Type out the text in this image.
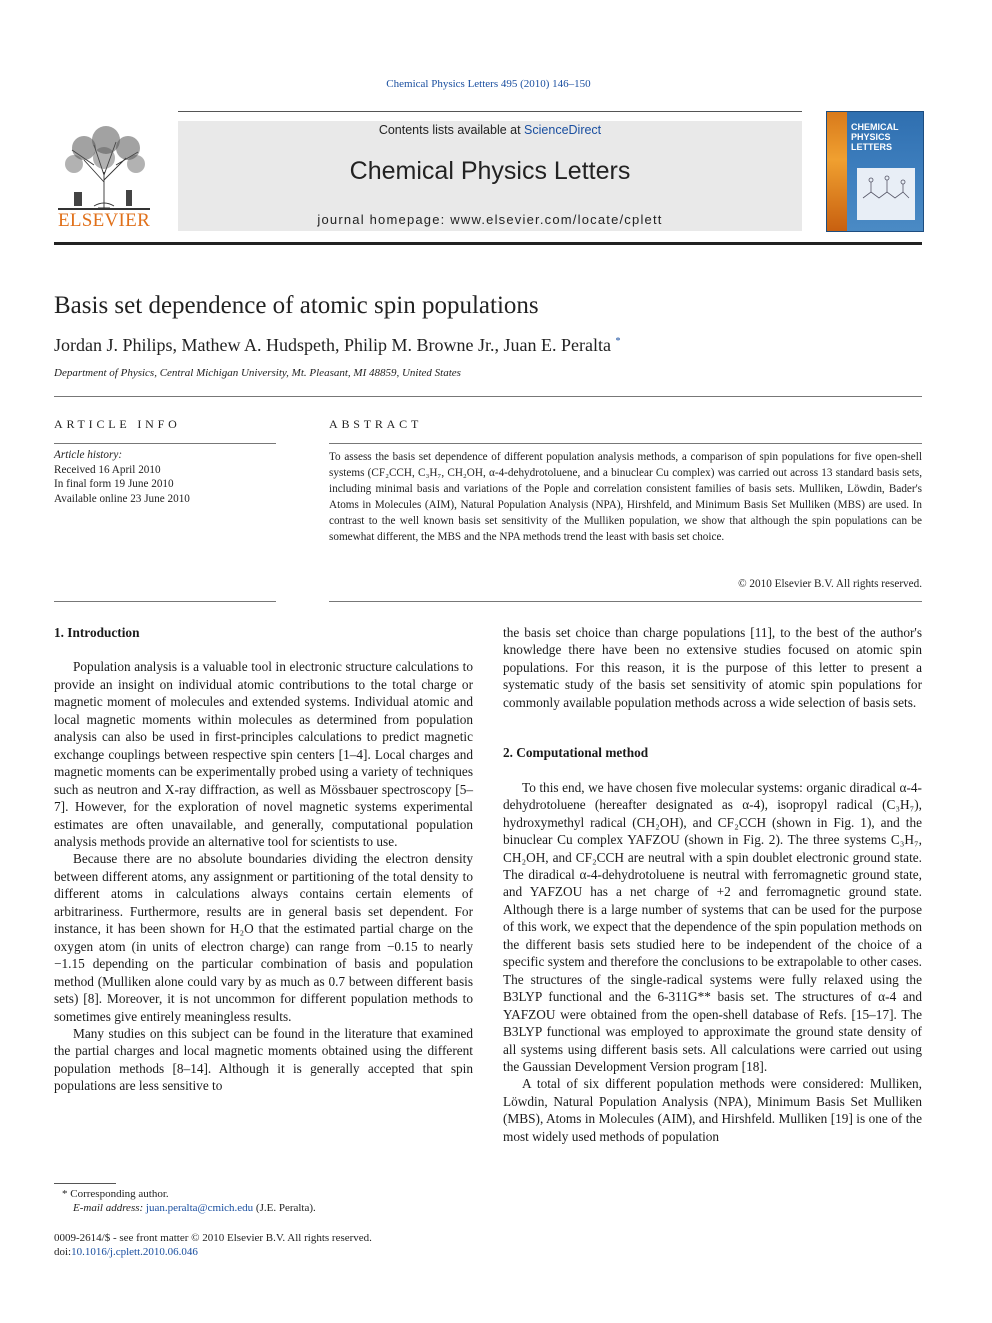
Chemical Physics Letters 495 (2010) 146–150
ELSEVIER
Contents lists available at ScienceDirect
Chemical Physics Letters
journal homepage: www.elsevier.com/locate/cplett
CHEMICAL
PHYSICS
LETTERS
Basis set dependence of atomic spin populations
Jordan J. Philips, Mathew A. Hudspeth, Philip M. Browne Jr., Juan E. Peralta *
Department of Physics, Central Michigan University, Mt. Pleasant, MI 48859, United States
ARTICLE INFO
Article history:
Received 16 April 2010
In final form 19 June 2010
Available online 23 June 2010
ABSTRACT
To assess the basis set dependence of different population analysis methods, a comparison of spin populations for five open-shell systems (CF₂CCH, C₃H₇, CH₂OH, α-4-dehydrotoluene, and a binuclear Cu complex) was carried out across 13 standard basis sets, including minimal basis and variations of the Pople and correlation consistent families of basis sets. Mulliken, Löwdin, Bader's Atoms in Molecules (AIM), Natural Population Analysis (NPA), Hirshfeld, and Minimum Basis Set Mulliken (MBS) are used. In contrast to the well known basis set sensitivity of the Mulliken population, we show that although the spin populations can be somewhat different, the MBS and the NPA methods trend the least with basis set choice.
© 2010 Elsevier B.V. All rights reserved.
1. Introduction

Population analysis is a valuable tool in electronic structure calculations to provide an insight on individual atomic contributions to the total charge or magnetic moment of molecules and extended systems. Individual atomic and local magnetic moments within molecules as determined from population analysis can also be used in first-principles calculations to predict magnetic exchange couplings between respective spin centers [1–4]. Local charges and magnetic moments can be experimentally probed using a variety of techniques such as neutron and X-ray diffraction, as well as Mössbauer spectroscopy [5–7]. However, for the exploration of novel magnetic systems experimental estimates are often unavailable, and generally, computational population analysis methods provide an alternative tool for scientists to use.

Because there are no absolute boundaries dividing the electron density between different atoms, any assignment or partitioning of the total density to different atoms in calculations always contains certain elements of arbitrariness. Furthermore, results are in general basis set dependent. For instance, it has been shown for H₂O that the estimated partial charge on the oxygen atom (in units of electron charge) can range from −0.15 to nearly −1.15 depending on the particular combination of basis and population method (Mulliken alone could vary by as much as 0.7 between different basis sets) [8]. Moreover, it is not uncommon for different population methods to sometimes give entirely meaningless results.

Many studies on this subject can be found in the literature that examined the partial charges and local magnetic moments obtained using the different population methods [8–14]. Although it is generally accepted that spin populations are less sensitive to

the basis set choice than charge populations [11], to the best of the author's knowledge there have been no extensive studies focused on atomic spin populations. For this reason, it is the purpose of this letter to present a systematic study of the basis set sensitivity of atomic spin populations for commonly available population methods across a wide selection of basis sets.

2. Computational method

To this end, we have chosen five molecular systems: organic diradical α-4-dehydrotoluene (hereafter designated as α-4), isopropyl radical (C₃H₇), hydroxymethyl radical (CH₂OH), and CF₂CCH (shown in Fig. 1), and the binuclear Cu complex YAFZOU (shown in Fig. 2). The three systems C₃H₇, CH₂OH, and CF₂CCH are neutral with a spin doublet electronic ground state. The diradical α-4-dehydrotoluene is neutral with ferromagnetic ground state, and YAFZOU has a net charge of +2 and ferromagnetic ground state. Although there is a large number of systems that can be used for the purpose of this work, we expect that the dependence of the spin population methods on the different basis sets studied here to be independent of the choice of a specific system and therefore the conclusions to be extrapolable to other cases. The structures of the single-radical systems were fully relaxed using the B3LYP functional and the 6-311G** basis set. The structures of α-4 and YAFZOU were obtained from the open-shell database of Refs. [15–17]. The B3LYP functional was employed to approximate the ground state density of all systems using different basis sets. All calculations were carried out using the Gaussian Development Version program [18].

A total of six different population methods were considered: Mulliken, Löwdin, Natural Population Analysis (NPA), Minimum Basis Set Mulliken (MBS), Atoms in Molecules (AIM), and Hirshfeld. Mulliken [19] is one of the most widely used methods of population

* Corresponding author.
E-mail address: juan.peralta@cmich.edu (J.E. Peralta).
0009-2614/$ - see front matter © 2010 Elsevier B.V. All rights reserved.
doi:10.1016/j.cplett.2010.06.046
